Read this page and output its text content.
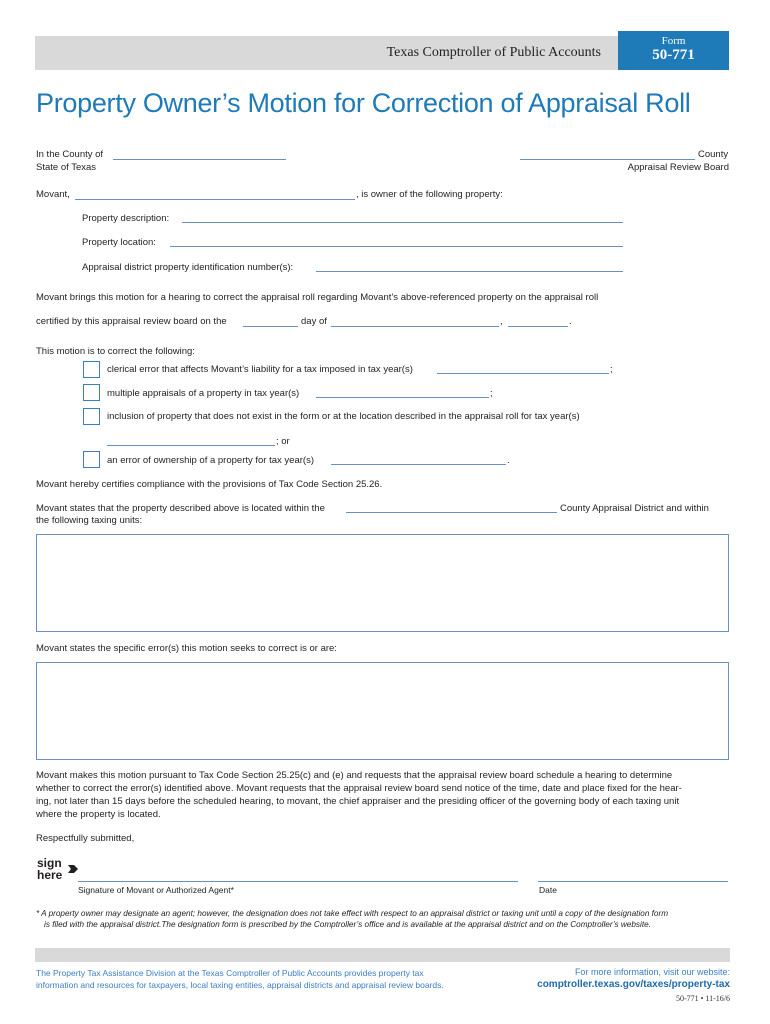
Texas Comptroller of Public Accounts
Form
50-771
Property Owner’s Motion for Correction of Appraisal Roll
In the County of
State of Texas
County
Appraisal Review Board
Movant,	, is owner of the following property:
Property description:
Property location:
Appraisal district property identification number(s):
Movant brings this motion for a hearing to correct the appraisal roll regarding Movant’s above-referenced property on the appraisal roll
certified by this appraisal review board on the	day of	,	.
This motion is to correct the following:
clerical error that affects Movant’s liability for a tax imposed in tax year(s)	;
multiple appraisals of a property in tax year(s)	;
inclusion of property that does not exist in the form or at the location described in the appraisal roll for tax year(s)
; or
an error of ownership of a property for tax year(s)	.
Movant hereby certifies compliance with the provisions of Tax Code Section 25.26.
Movant states that the property described above is located within the	County Appraisal District and within
the following taxing units:
Movant states the specific error(s) this motion seeks to correct is or are:
Movant makes this motion pursuant to Tax Code Section 25.25(c) and (e) and requests that the appraisal review board schedule a hearing to determine
whether to correct the error(s) identified above. Movant requests that the appraisal review board send notice of the time, date and place fixed for the hear-
ing, not later than 15 days before the scheduled hearing, to movant, the chief appraiser and the presiding officer of the governing body of each taxing unit
where the property is located.
Respectfully submitted,
sign
here
Signature of Movant or Authorized Agent*	Date
* A property owner may designate an agent; however, the designation does not take effect with respect to an appraisal district or taxing unit until a copy of the designation form
is filed with the appraisal district.The designation form is prescribed by the Comptroller’s office and is available at the appraisal district and on the Comptroller’s website.
The Property Tax Assistance Division at the Texas Comptroller of Public Accounts provides property tax
information and resources for taxpayers, local taxing entities, appraisal districts and appraisal review boards.
For more information, visit our website:
comptroller.texas.gov/taxes/property-tax
50-771 • 11-16/6
